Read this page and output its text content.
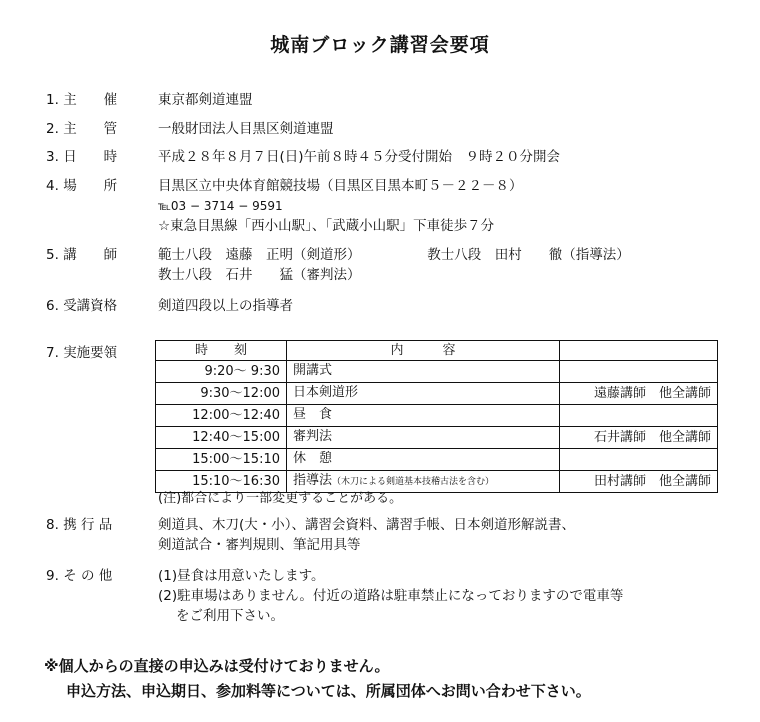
城南ブロック講習会要項
1. 主　　催	東京都剣道連盟
2. 主　　管	一般財団法人目黒区剣道連盟
3. 日　　時	平成２８年８月７日(日)午前８時４５分受付開始　９時２０分開会
4. 場　　所	目黒区立中央体育館競技場（目黒区目黒本町５－２２－８）
℡03 − 3714 − 9591
☆東急目黒線「西小山駅」、「武蔵小山駅」下車徒歩７分
5. 講　　師	範士八段　遠藤　正明（剣道形）	教士八段　田村　　徹（指導法）
教士八段　石井　　猛（審判法）
6. 受講資格	剣道四段以上の指導者
7. 実施要領	時　　刻	内　　　容	
9:20～ 9:30	開講式	
9:30～12:00	日本剣道形	遠藤講師　他全講師
12:00～12:40	昼　食	
12:40～15:00	審判法	石井講師　他全講師
15:00～15:10	休　憩	
15:10～16:30	指導法（木刀による剣道基本技稽古法を含む）	田村講師　他全講師
(注)都合により一部変更することがある。
8. 携 行 品	剣道具、木刀(大・小）、講習会資料、講習手帳、日本剣道形解説書、
剣道試合・審判規則、筆記用具等
9. そ の 他	(1)昼食は用意いたします。
(2)駐車場はありません。付近の道路は駐車禁止になっておりますので電車等
をご利用下さい。
※個人からの直接の申込みは受付けておりません。
申込方法、申込期日、参加料等については、所属団体へお問い合わせ下さい。
